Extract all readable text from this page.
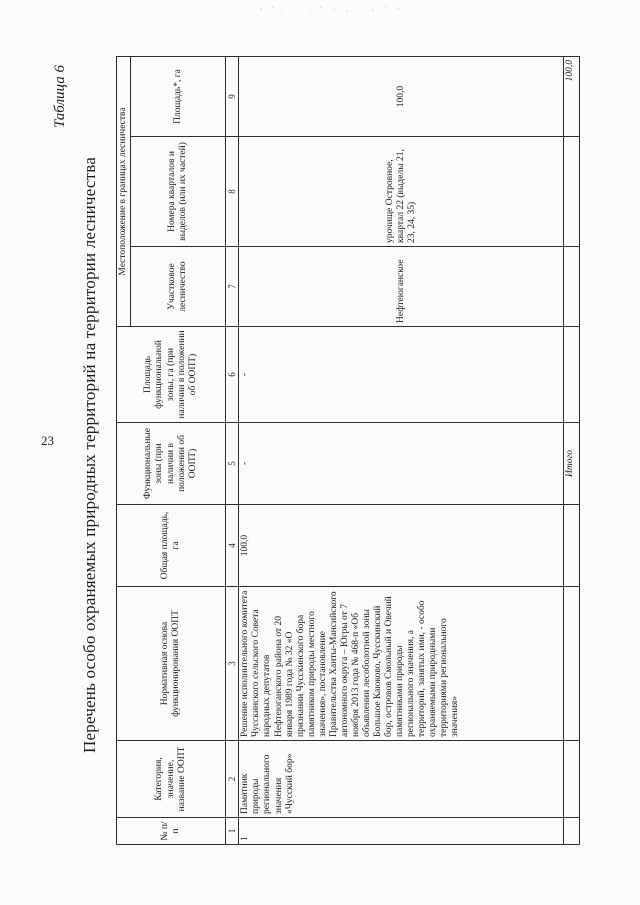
23
Таблица 6
Перечень особо охраняемых природных территорий на территории лесничества
№ п/п	Категория, значение, название ООПТ	Нормативная основа функционирования ООПТ	Общая площадь, га	Функциональные зоны (при наличии в положении об ООПТ)	Площадь функциональной зоны, га (при наличии в положении об ООПТ)	Местоположение в границах лесничества		
						Участковое лесничество	Номера кварталов и выделов (или их частей)	Площадь*, га
1	2	3	4	5	6	7	8	9
1	Памятник природы регионального значения «Чусский бор»	Решение исполнительного комитета Чусскинского сельского Совета народных депутатов Нефтеюганского района от 20 января 1989 года № 32 «О признании Чусскинского бора памятником природы местного значения», постановление Правительства Ханты-Мансийского автономного округа – Югры от 7 ноября 2013 года № 468-п «Об объявлении лесоболотной зоны Большое Каюково, Чусскинский бор, островов Смольный и Овечий памятниками природы регионального значения, а территорий, занятых ими, - особо охраняемыми природными территориями регионального значения»	100,0	-	-	Нефтеюганское	урочище Островное, квартал 22 (выделы 21, 23, 24, 35)	100,0
				Итого				100,0
